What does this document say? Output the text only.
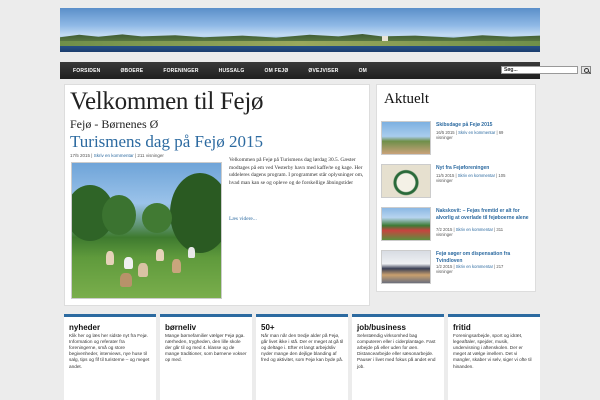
FORSIDEN	ØBOERE	FORENINGER	HUSSALG	OM FEJØ	ØVEJVISER	OM	Søg...
Velkommen til Fejø
Fejø - Børnenes Ø
Turismens dag på Fejø 2015
17/5 2015 | Skriv en kommentar | 211 visninger
Velkommen på Fejø på Turismens dag lørdag 30.5. Gæster modtages på em ved Vesterby havn med kaffe/te og kage. Her uddeleres dagens program. I programmet står oplysninger om, hvad man kan se og opleve og de forskellige åbningstider
Læs videre...
Aktuelt
Skibsdage på Fejø 2015
16/5 2015 | Skriv en kommentar | 69
visninger
Nyt fra Fejøforeningen
11/5 2015 | Skriv en kommentar | 105
visninger
Nakskovit: – Fejøs fremtid er alt for alvorlig at overlade til fejøboerne alene
7/2 2015 | Skriv en kommentar | 311
visninger
Fejø søger om dispensation fra Tvindloven
1/2 2015 | Skriv en kommentar | 217
visninger
nyheder

Klik her og læs her sidste nyt fra Fejø. Information og referater fra foreningerne, små og store begivenheder, interviews, nye huse til salg, tips og fif til turisterne – og meget andet.

børneliv

Mange børnefamilier vælger Fejø pga. nærheden, trygheden, den lille skole der går til og med 4. klasse og de mange traditioner, som børnene vokser op med.

50+

Når man når den tredje alder på Fejø, går livet ikke i stå. Der er meget at gå til og deltage i. Efter et langt arbejdsliv nyder mange den dejlige blanding af fred og aktivitet, som Fejø kan byde på.

job/business

Selvstændig virksomhed bag computeren eller i ciderplantage. Fast arbejde på eller uden for øen. Distancearbejde eller sæsonarbejde. Pauser i livet med fokus på andet end job.

fritid

Foreningsarbejde, sport og idræt, legeaftaler, spejder, musik, undervisning i aftenskolen. Der er meget at vælge imellem. Det vi mangler, skaber vi selv, siger vi ofte til hinanden.
